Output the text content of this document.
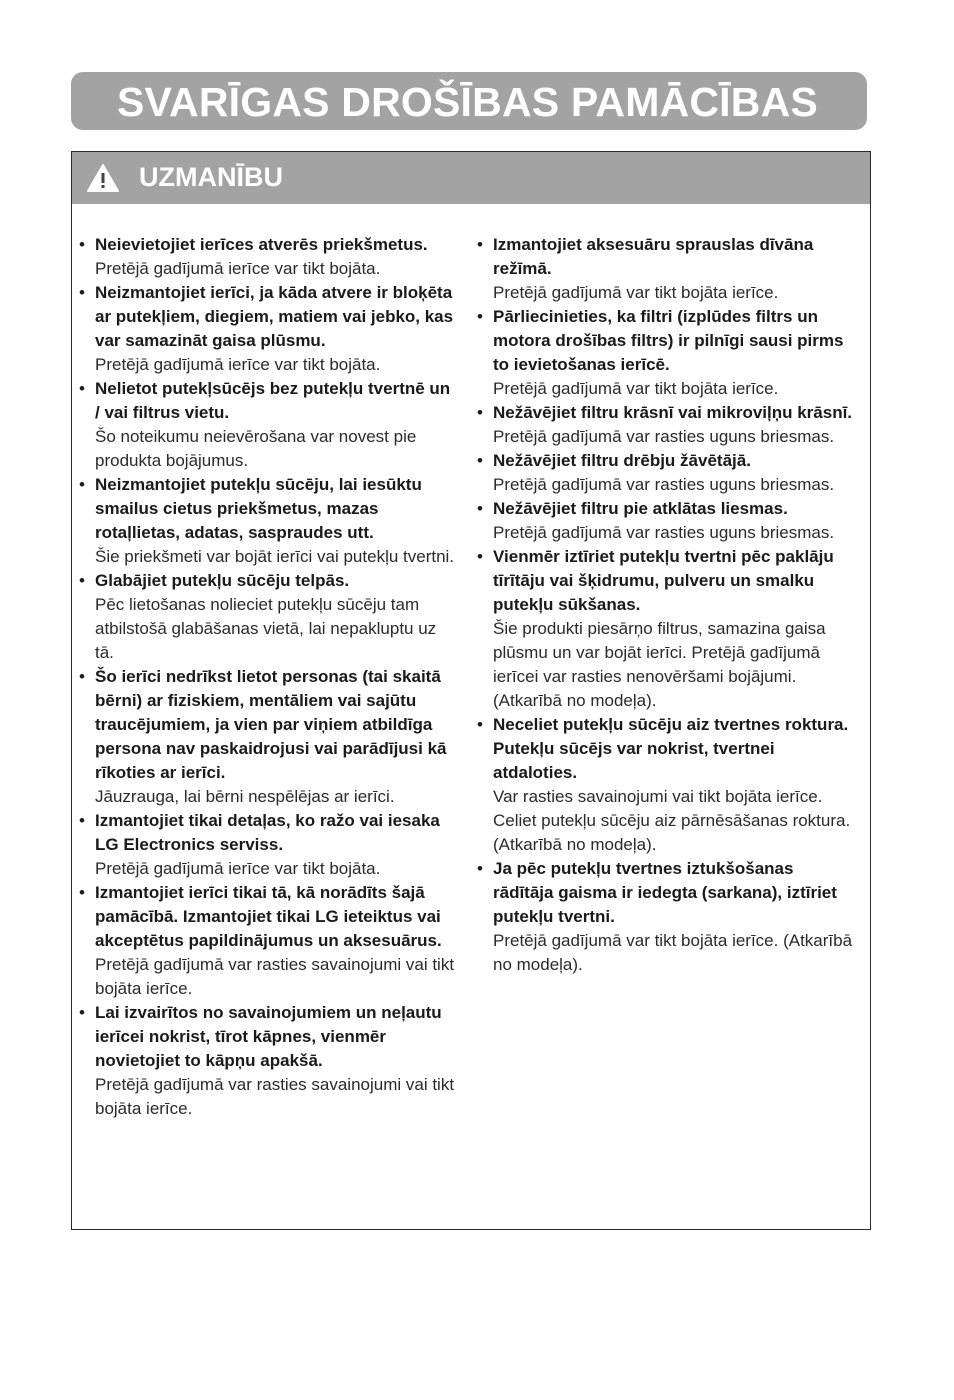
SVARĪGAS DROŠĪBAS PAMĀCĪBAS
UZMANĪBU
• Neievietojiet ierīces atverēs priekšmetus.
Pretējā gadījumā ierīce var tikt bojāta.
• Neizmantojiet ierīci, ja kāda atvere ir bloķēta ar putekļiem, diegiem, matiem vai jebko, kas var samazināt gaisa plūsmu.
Pretējā gadījumā ierīce var tikt bojāta.
• Nelietot putekļsūcējs bez putekļu tvertnē un / vai filtrus vietu.
Šo noteikumu neievērošana var novest pie produkta bojājumus.
• Neizmantojiet putekļu sūcēju, lai iesūktu smailus cietus priekšmetus, mazas rotaļlietas, adatas, saspraudes utt.
Šie priekšmeti var bojāt ierīci vai putekļu tvertni.
• Glabājiet putekļu sūcēju telpās.
Pēc lietošanas nolieciet putekļu sūcēju tam atbilstošā glabāšanas vietā, lai nepakluptu uz tā.
• Šo ierīci nedrīkst lietot personas (tai skaitā bērni) ar fiziskiem, mentāliem vai sajūtu traucējumiem, ja vien par viņiem atbildīga persona nav paskaidrojusi vai parādījusi kā rīkoties ar ierīci.
Jāuzrauga, lai bērni nespēlējas ar ierīci.
• Izmantojiet tikai detaļas, ko ražo vai iesaka LG Electronics serviss.
Pretējā gadījumā ierīce var tikt bojāta.
• Izmantojiet ierīci tikai tā, kā norādīts šajā pamācībā. Izmantojiet tikai LG ieteiktus vai akceptētus papildinājumus un aksesuārus.
Pretējā gadījumā var rasties savainojumi vai tikt bojāta ierīce.
• Lai izvairītos no savainojumiem un neļautu ierīcei nokrist, tīrot kāpnes, vienmēr novietojiet to kāpņu apakšā.
Pretējā gadījumā var rasties savainojumi vai tikt bojāta ierīce.
• Izmantojiet aksesuāru sprauslas dīvāna režīmā.
Pretējā gadījumā var tikt bojāta ierīce.
• Pārliecinieties, ka filtri (izplūdes filtrs un motora drošības filtrs) ir pilnīgi sausi pirms to ievietošanas ierīcē.
Pretējā gadījumā var tikt bojāta ierīce.
• Nežāvējiet filtru krāsnī vai mikroviļņu krāsnī.
Pretējā gadījumā var rasties uguns briesmas.
• Nežāvējiet filtru drēbju žāvētājā.
Pretējā gadījumā var rasties uguns briesmas.
• Nežāvējiet filtru pie atklātas liesmas.
Pretējā gadījumā var rasties uguns briesmas.
• Vienmēr iztīriet putekļu tvertni pēc paklāju tīrītāju vai šķidrumu, pulveru un smalku putekļu sūkšanas.
Šie produkti piesārņo filtrus, samazina gaisa plūsmu un var bojāt ierīci. Pretējā gadījumā ierīcei var rasties nenovēršami bojājumi. (Atkarībā no modeļa).
• Neceliet putekļu sūcēju aiz tvertnes roktura. Putekļu sūcējs var nokrist, tvertnei atdaloties.
Var rasties savainojumi vai tikt bojāta ierīce. Celiet putekļu sūcēju aiz pārnēsāšanas roktura. (Atkarībā no modeļa).
• Ja pēc putekļu tvertnes iztukšošanas rādītāja gaisma ir iedegta (sarkana), iztīriet putekļu tvertni.
Pretējā gadījumā var tikt bojāta ierīce. (Atkarībā no modeļa).
